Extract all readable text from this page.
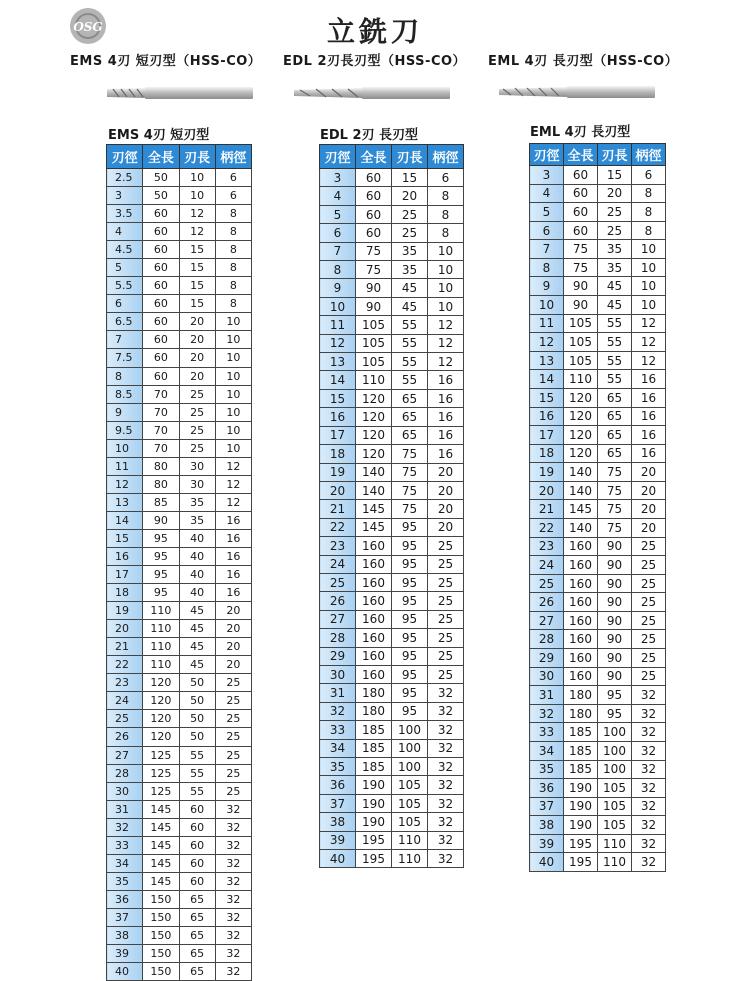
OSG	立銑刀
EMS 4刃 短刃型（HSS-CO） EDL 2刃長刃型（HSS-CO） EML 4刃 長刃型（HSS-CO）
EMS 4刃 短刃型	EDL 2刃 長刃型	EML 4刃 長刃型
刃徑	全長	刃長	柄徑
2.5	50	10	6
3	50	10	6
3.5	60	12	8
4	60	12	8
4.5	60	15	8
5	60	15	8
5.5	60	15	8
6	60	15	8
6.5	60	20	10
7	60	20	10
7.5	60	20	10
8	60	20	10
8.5	70	25	10
9	70	25	10
9.5	70	25	10
10	70	25	10
11	80	30	12
12	80	30	12
13	85	35	12
14	90	35	16
15	95	40	16
16	95	40	16
17	95	40	16
18	95	40	16
19	110	45	20
20	110	45	20
21	110	45	20
22	110	45	20
23	120	50	25
24	120	50	25
25	120	50	25
26	120	50	25
27	125	55	25
28	125	55	25
30	125	55	25
31	145	60	32
32	145	60	32
33	145	60	32
34	145	60	32
35	145	60	32
36	150	65	32
37	150	65	32
38	150	65	32
39	150	65	32
40	150	65	32
刃徑	全長	刃長	柄徑
3	60	15	6
4	60	20	8
5	60	25	8
6	60	25	8
7	75	35	10
8	75	35	10
9	90	45	10
10	90	45	10
11	105	55	12
12	105	55	12
13	105	55	12
14	110	55	16
15	120	65	16
16	120	65	16
17	120	65	16
18	120	75	16
19	140	75	20
20	140	75	20
21	145	75	20
22	145	95	20
23	160	95	25
24	160	95	25
25	160	95	25
26	160	95	25
27	160	95	25
28	160	95	25
29	160	95	25
30	160	95	25
31	180	95	32
32	180	95	32
33	185	100	32
34	185	100	32
35	185	100	32
36	190	105	32
37	190	105	32
38	190	105	32
39	195	110	32
40	195	110	32
刃徑	全長	刃長	柄徑
3	60	15	6
4	60	20	8
5	60	25	8
6	60	25	8
7	75	35	10
8	75	35	10
9	90	45	10
10	90	45	10
11	105	55	12
12	105	55	12
13	105	55	12
14	110	55	16
15	120	65	16
16	120	65	16
17	120	65	16
18	120	65	16
19	140	75	20
20	140	75	20
21	145	75	20
22	140	75	20
23	160	90	25
24	160	90	25
25	160	90	25
26	160	90	25
27	160	90	25
28	160	90	25
29	160	90	25
30	160	90	25
31	180	95	32
32	180	95	32
33	185	100	32
34	185	100	32
35	185	100	32
36	190	105	32
37	190	105	32
38	190	105	32
39	195	110	32
40	195	110	32
